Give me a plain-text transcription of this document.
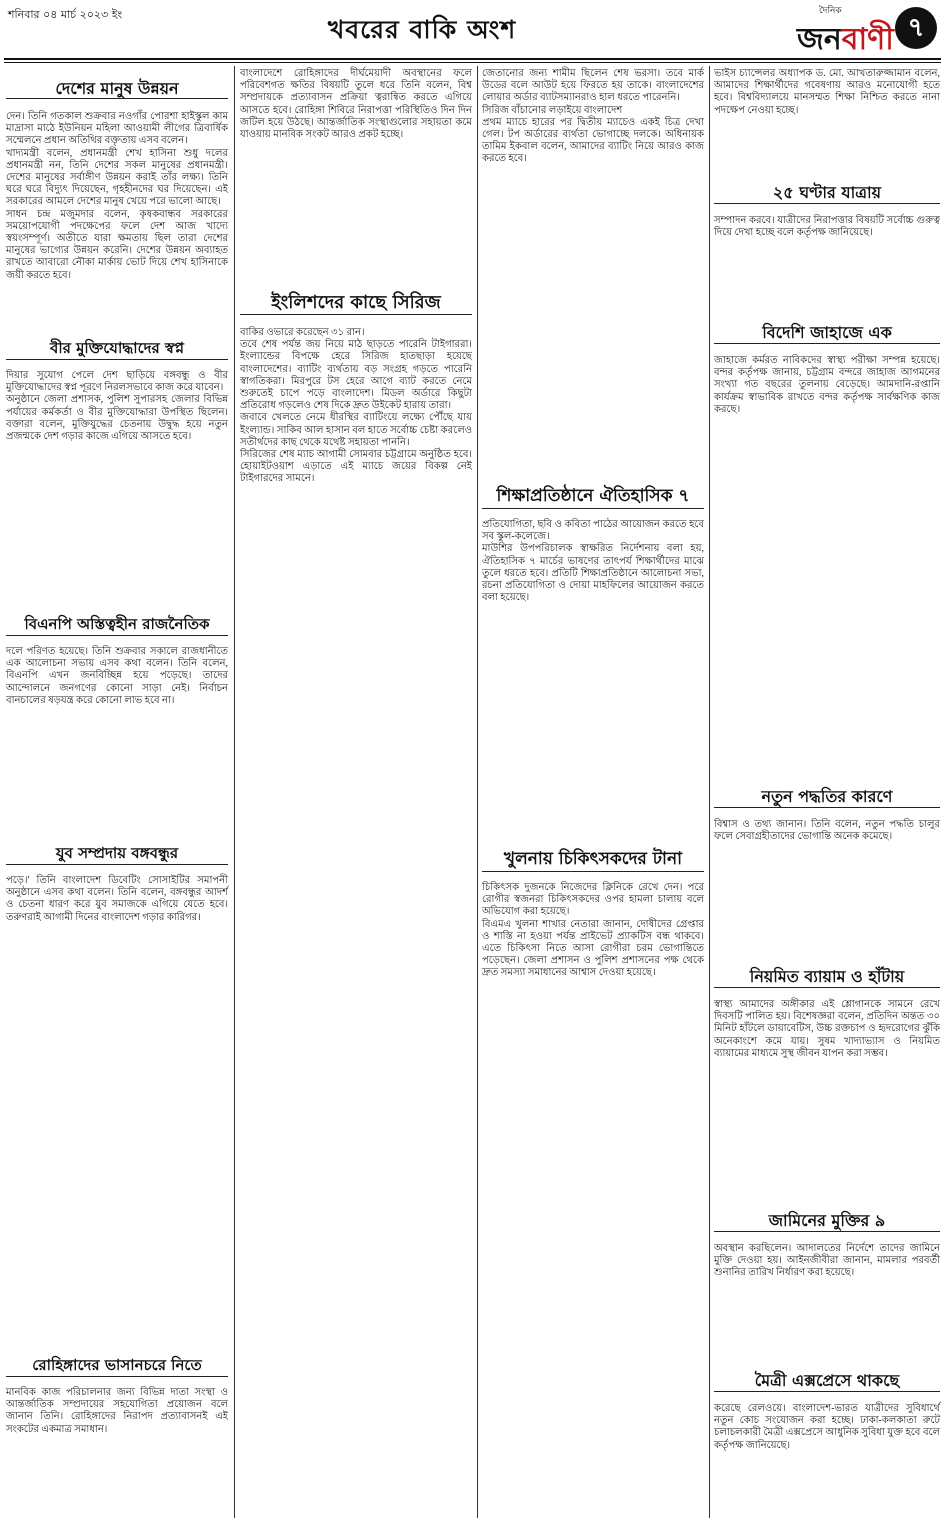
শনিবার ০৪ মার্চ ২০২৩ ইং
খবরের বাকি অংশ
দৈনিক
জনবাণী ৭
দেশের মানুষ উন্নয়ন
দেন। তিনি গতকাল শুক্রবার নওগাঁর পোরশা হাইস্কুল কাম মাদ্রাসা মাঠে ইউনিয়ন মহিলা আওয়ামী লীগের ত্রিবার্ষিক সম্মেলনে প্রধান অতিথির বক্তৃতায় এসব বলেন।
খাদ্যমন্ত্রী বলেন, প্রধানমন্ত্রী শেখ হাসিনা শুধু দলের প্রধানমন্ত্রী নন, তিনি দেশের সকল মানুষের প্রধানমন্ত্রী। দেশের মানুষের সর্বাঙ্গীণ উন্নয়ন করাই তাঁর লক্ষ্য। তিনি ঘরে ঘরে বিদ্যুৎ দিয়েছেন, গৃহহীনদের ঘর দিয়েছেন। এই সরকারের আমলে দেশের মানুষ খেয়ে পরে ভালো আছে।
সাধন চন্দ্র মজুমদার বলেন, কৃষকবান্ধব সরকারের সময়োপযোগী পদক্ষেপের ফলে দেশ আজ খাদ্যে স্বয়ংসম্পূর্ণ। অতীতে যারা ক্ষমতায় ছিল তারা দেশের মানুষের ভাগ্যের উন্নয়ন করেনি। দেশের উন্নয়ন অব্যাহত রাখতে আবারো নৌকা মার্কায় ভোট দিয়ে শেখ হাসিনাকে জয়ী করতে হবে।
বীর মুক্তিযোদ্ধাদের স্বপ্ন
দিয়ার সুযোগ পেলে দেশ ছাড়িয়ে বঙ্গবন্ধু ও বীর মুক্তিযোদ্ধাদের স্বপ্ন পূরণে নিরলসভাবে কাজ করে যাবেন।
অনুষ্ঠানে জেলা প্রশাসক, পুলিশ সুপারসহ জেলার বিভিন্ন পর্যায়ের কর্মকর্তা ও বীর মুক্তিযোদ্ধারা উপস্থিত ছিলেন। বক্তারা বলেন, মুক্তিযুদ্ধের চেতনায় উদ্বুদ্ধ হয়ে নতুন প্রজন্মকে দেশ গড়ার কাজে এগিয়ে আসতে হবে।
বিএনপি অস্তিত্বহীন রাজনৈতিক
দলে পরিণত হয়েছে। তিনি শুক্রবার সকালে রাজধানীতে এক আলোচনা সভায় এসব কথা বলেন। তিনি বলেন, বিএনপি এখন জনবিচ্ছিন্ন হয়ে পড়েছে। তাদের আন্দোলনে জনগণের কোনো সাড়া নেই। নির্বাচন বানচালের ষড়যন্ত্র করে কোনো লাভ হবে না।
যুব সম্প্রদায় বঙ্গবন্ধুর
পড়ে।' তিনি বাংলাদেশ ডিবেটিং সোসাইটির সমাপনী অনুষ্ঠানে এসব কথা বলেন। তিনি বলেন, বঙ্গবন্ধুর আদর্শ ও চেতনা ধারণ করে যুব সমাজকে এগিয়ে যেতে হবে। তরুণরাই আগামী দিনের বাংলাদেশ গড়ার কারিগর।
রোহিঙ্গাদের ভাসানচরে নিতে
মানবিক কাজ পরিচালনার জন্য বিভিন্ন দাতা সংস্থা ও আন্তর্জাতিক সম্প্রদায়ের সহযোগিতা প্রয়োজন বলে জানান তিনি। রোহিঙ্গাদের নিরাপদ প্রত্যাবাসনই এই সংকটের একমাত্র সমাধান।
বাংলাদেশে রোহিঙ্গাদের দীর্ঘমেয়াদী অবস্থানের ফলে পরিবেশগত ক্ষতির বিষয়টি তুলে ধরে তিনি বলেন, বিশ্ব সম্প্রদায়কে প্রত্যাবাসন প্রক্রিয়া ত্বরান্বিত করতে এগিয়ে আসতে হবে। রোহিঙ্গা শিবিরে নিরাপত্তা পরিস্থিতিও দিন দিন জটিল হয়ে উঠছে। আন্তর্জাতিক সংস্থাগুলোর সহায়তা কমে যাওয়ায় মানবিক সংকট আরও প্রকট হচ্ছে।
ইংলিশদের কাছে সিরিজ
বাকির ওভারে করেছেন ৩১ রান।
তবে শেষ পর্যন্ত জয় নিয়ে মাঠ ছাড়তে পারেনি টাইগাররা। ইংল্যান্ডের বিপক্ষে হেরে সিরিজ হাতছাড়া হয়েছে বাংলাদেশের। ব্যাটিং ব্যর্থতায় বড় সংগ্রহ গড়তে পারেনি স্বাগতিকরা। মিরপুরে টস হেরে আগে ব্যাট করতে নেমে শুরুতেই চাপে পড়ে বাংলাদেশ। মিডল অর্ডারে কিছুটা প্রতিরোধ গড়লেও শেষ দিকে দ্রুত উইকেট হারায় তারা।
জবাবে খেলতে নেমে ধীরস্থির ব্যাটিংয়ে লক্ষ্যে পৌঁছে যায় ইংল্যান্ড। সাকিব আল হাসান বল হাতে সর্বোচ্চ চেষ্টা করলেও সতীর্থদের কাছ থেকে যথেষ্ট সহায়তা পাননি।
সিরিজের শেষ ম্যাচ আগামী সোমবার চট্টগ্রামে অনুষ্ঠিত হবে। হোয়াইটওয়াশ এড়াতে এই ম্যাচে জয়ের বিকল্প নেই টাইগারদের সামনে।
জেতানোর জন্য শামীম ছিলেন শেষ ভরসা। তবে মার্ক উডের বলে আউট হয়ে ফিরতে হয় তাকে। বাংলাদেশের লোয়ার অর্ডার ব্যাটসম্যানরাও হাল ধরতে পারেননি।
সিরিজ বাঁচানোর লড়াইয়ে বাংলাদেশ
প্রথম ম্যাচে হারের পর দ্বিতীয় ম্যাচেও একই চিত্র দেখা গেল। টপ অর্ডারের ব্যর্থতা ভোগাচ্ছে দলকে। অধিনায়ক তামিম ইকবাল বলেন, আমাদের ব্যাটিং নিয়ে আরও কাজ করতে হবে।
শিক্ষাপ্রতিষ্ঠানে ঐতিহাসিক ৭
প্রতিযোগিতা, ছবি ও কবিতা পাঠের আয়োজন করতে হবে সব স্কুল-কলেজে।
মাউশির উপপরিচালক স্বাক্ষরিত নির্দেশনায় বলা হয়, ঐতিহাসিক ৭ মার্চের ভাষণের তাৎপর্য শিক্ষার্থীদের মাঝে তুলে ধরতে হবে। প্রতিটি শিক্ষাপ্রতিষ্ঠানে আলোচনা সভা, রচনা প্রতিযোগিতা ও দোয়া মাহফিলের আয়োজন করতে বলা হয়েছে।
খুলনায় চিকিৎসকদের টানা
চিকিৎসক দুজনকে নিজেদের ক্লিনিকে রেখে দেন। পরে রোগীর স্বজনরা চিকিৎসকদের ওপর হামলা চালায় বলে অভিযোগ করা হয়েছে।
বিএমএ খুলনা শাখার নেতারা জানান, দোষীদের গ্রেপ্তার ও শাস্তি না হওয়া পর্যন্ত প্রাইভেট প্র্যাকটিস বন্ধ থাকবে। এতে চিকিৎসা নিতে আসা রোগীরা চরম ভোগান্তিতে পড়েছেন। জেলা প্রশাসন ও পুলিশ প্রশাসনের পক্ষ থেকে দ্রুত সমস্যা সমাধানের আশ্বাস দেওয়া হয়েছে।
ভাইস চ্যান্সেলর অধ্যাপক ড. মো. আখতারুজ্জামান বলেন, আমাদের শিক্ষার্থীদের গবেষণায় আরও মনোযোগী হতে হবে। বিশ্ববিদ্যালয়ে মানসম্মত শিক্ষা নিশ্চিত করতে নানা পদক্ষেপ নেওয়া হচ্ছে।
২৫ ঘণ্টার যাত্রায়
সম্পাদন করবে। যাত্রীদের নিরাপত্তার বিষয়টি সর্বোচ্চ গুরুত্ব দিয়ে দেখা হচ্ছে বলে কর্তৃপক্ষ জানিয়েছে।
বিদেশি জাহাজে এক
জাহাজে কর্মরত নাবিকদের স্বাস্থ্য পরীক্ষা সম্পন্ন হয়েছে। বন্দর কর্তৃপক্ষ জানায়, চট্টগ্রাম বন্দরে জাহাজ আগমনের সংখ্যা গত বছরের তুলনায় বেড়েছে। আমদানি-রপ্তানি কার্যক্রম স্বাভাবিক রাখতে বন্দর কর্তৃপক্ষ সার্বক্ষণিক কাজ করছে।
নতুন পদ্ধতির কারণে
বিশ্বাস ও তথ্য জানান। তিনি বলেন, নতুন পদ্ধতি চালুর ফলে সেবাগ্রহীতাদের ভোগান্তি অনেক কমেছে।
নিয়মিত ব্যায়াম ও হাঁটায়
স্বাস্থ্য আমাদের অঙ্গীকার এই শ্লোগানকে সামনে রেখে দিবসটি পালিত হয়। বিশেষজ্ঞরা বলেন, প্রতিদিন অন্তত ৩০ মিনিট হাঁটলে ডায়াবেটিস, উচ্চ রক্তচাপ ও হৃদরোগের ঝুঁকি অনেকাংশে কমে যায়। সুষম খাদ্যাভ্যাস ও নিয়মিত ব্যায়ামের মাধ্যমে সুস্থ জীবন যাপন করা সম্ভব।
জামিনের মুক্তির ৯
অবস্থান করছিলেন। আদালতের নির্দেশে তাদের জামিনে মুক্তি দেওয়া হয়। আইনজীবীরা জানান, মামলার পরবর্তী শুনানির তারিখ নির্ধারণ করা হয়েছে।
মৈত্রী এক্সপ্রেসে থাকছে
করেছে রেলওয়ে। বাংলাদেশ-ভারত যাত্রীদের সুবিধার্থে নতুন কোচ সংযোজন করা হচ্ছে। ঢাকা-কলকাতা রুটে চলাচলকারী মৈত্রী এক্সপ্রেসে আধুনিক সুবিধা যুক্ত হবে বলে কর্তৃপক্ষ জানিয়েছে।
